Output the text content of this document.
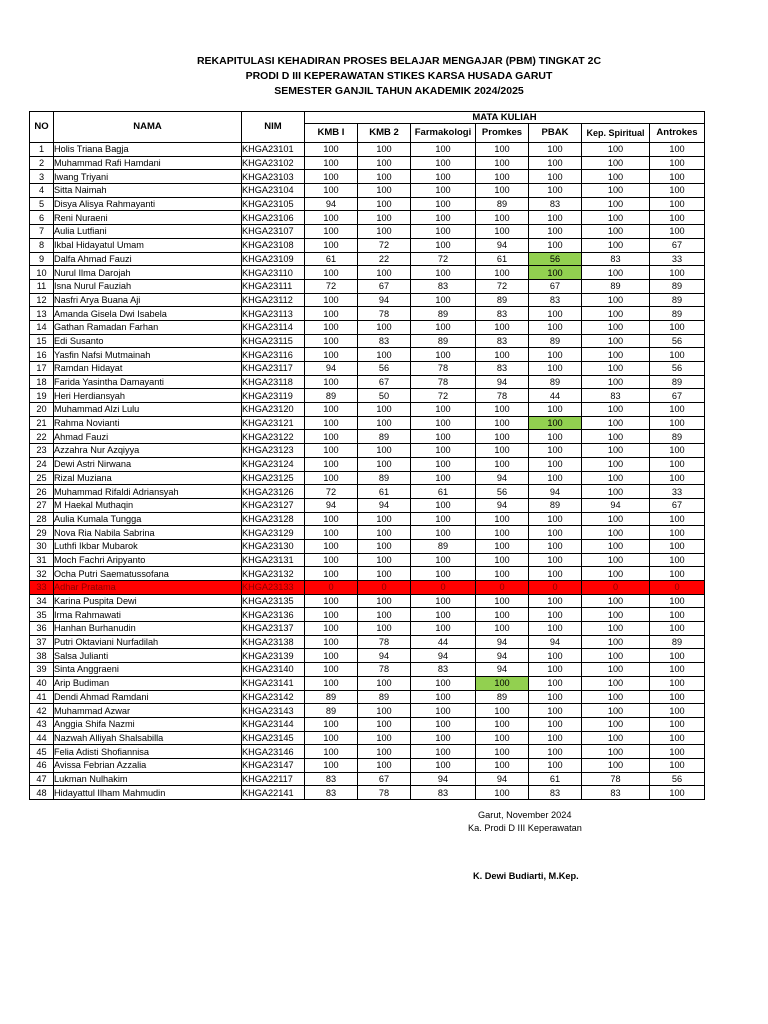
REKAPITULASI KEHADIRAN PROSES BELAJAR MENGAJAR (PBM) TINGKAT 2C
PRODI D III KEPERAWATAN STIKES KARSA HUSADA GARUT
SEMESTER GANJIL TAHUN AKADEMIK 2024/2025
NO	NAMA	NIM	MATA KULIAH						
			KMB I	KMB 2	Farmakologi	Promkes	PBAK	Kep. Spiritual	Antrokes
1	Holis Triana Bagja	KHGA23101	100	100	100	100	100	100	100
2	Muhammad Rafi Hamdani	KHGA23102	100	100	100	100	100	100	100
3	Iwang Triyani	KHGA23103	100	100	100	100	100	100	100
4	Sitta Naimah	KHGA23104	100	100	100	100	100	100	100
5	Disya Alisya Rahmayanti	KHGA23105	94	100	100	89	83	100	100
6	Reni Nuraeni	KHGA23106	100	100	100	100	100	100	100
7	Aulia Lutfiani	KHGA23107	100	100	100	100	100	100	100
8	Ikbal Hidayatul Umam	KHGA23108	100	72	100	94	100	100	67
9	Dalfa Ahmad Fauzi	KHGA23109	61	22	72	61	56	83	33
10	Nurul Ilma Darojah	KHGA23110	100	100	100	100	100	100	100
11	Isna Nurul Fauziah	KHGA23111	72	67	83	72	67	89	89
12	Nasfri Arya Buana Aji	KHGA23112	100	94	100	89	83	100	89
13	Amanda Gisela Dwi Isabela	KHGA23113	100	78	89	83	100	100	89
14	Gathan Ramadan Farhan	KHGA23114	100	100	100	100	100	100	100
15	Edi Susanto	KHGA23115	100	83	89	83	89	100	56
16	Yasfin Nafsi Mutmainah	KHGA23116	100	100	100	100	100	100	100
17	Ramdan Hidayat	KHGA23117	94	56	78	83	100	100	56
18	Farida Yasintha Damayanti	KHGA23118	100	67	78	94	89	100	89
19	Heri Herdiansyah	KHGA23119	89	50	72	78	44	83	67
20	Muhammad Alzi Lulu	KHGA23120	100	100	100	100	100	100	100
21	Rahma Novianti	KHGA23121	100	100	100	100	100	100	100
22	Ahmad Fauzi	KHGA23122	100	89	100	100	100	100	89
23	Azzahra Nur Azqiyya	KHGA23123	100	100	100	100	100	100	100
24	Dewi Astri Nirwana	KHGA23124	100	100	100	100	100	100	100
25	Rizal Muziana	KHGA23125	100	89	100	94	100	100	100
26	Muhammad Rifaldi Adriansyah	KHGA23126	72	61	61	56	94	100	33
27	M Haekal Muthaqin	KHGA23127	94	94	100	94	89	94	67
28	Aulia Kumala Tungga	KHGA23128	100	100	100	100	100	100	100
29	Nova Ria Nabila Sabrina	KHGA23129	100	100	100	100	100	100	100
30	Luthfi Ikbar Mubarok	KHGA23130	100	100	89	100	100	100	100
31	Moch Fachri Aripyanto	KHGA23131	100	100	100	100	100	100	100
32	Ocha Putri Saematussofana	KHGA23132	100	100	100	100	100	100	100
33	Adhar Pratama	KHGA23133	0	0	0	0	0	0	0
34	Karina Puspita Dewi	KHGA23135	100	100	100	100	100	100	100
35	Irma Rahmawati	KHGA23136	100	100	100	100	100	100	100
36	Hanhan Burhanudin	KHGA23137	100	100	100	100	100	100	100
37	Putri Oktaviani Nurfadilah	KHGA23138	100	78	44	94	94	100	89
38	Salsa Julianti	KHGA23139	100	94	94	94	100	100	100
39	Sinta Anggraeni	KHGA23140	100	78	83	94	100	100	100
40	Arip Budiman	KHGA23141	100	100	100	100	100	100	100
41	Dendi Ahmad Ramdani	KHGA23142	89	89	100	89	100	100	100
42	Muhammad Azwar	KHGA23143	89	100	100	100	100	100	100
43	Anggia Shifa Nazmi	KHGA23144	100	100	100	100	100	100	100
44	Nazwah Alliyah Shalsabilla	KHGA23145	100	100	100	100	100	100	100
45	Felia Adisti Shofiannisa	KHGA23146	100	100	100	100	100	100	100
46	Avissa Febrian Azzalia	KHGA23147	100	100	100	100	100	100	100
47	Lukman Nulhakim	KHGA22117	83	67	94	94	61	78	56
48	Hidayattul Ilham Mahmudin	KHGA22141	83	78	83	100	83	83	100
Garut, November 2024
Ka. Prodi D III Keperawatan
K. Dewi Budiarti, M.Kep.
